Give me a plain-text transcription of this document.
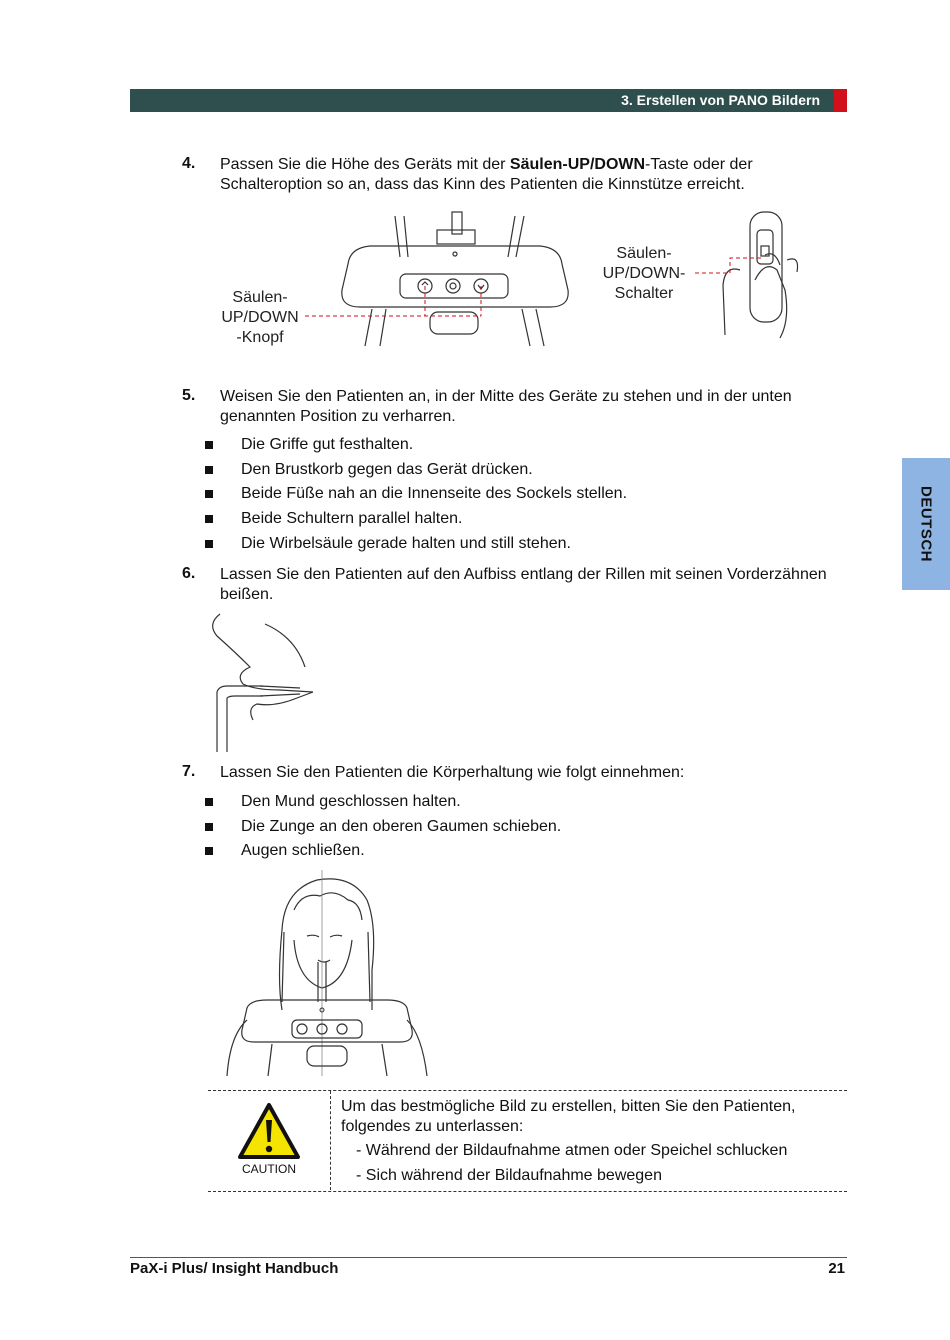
3. Erstellen von PANO Bildern
DEUTSCH
4. Passen Sie die Höhe des Geräts mit der Säulen-UP/DOWN-Taste oder der Schalteroption so an, dass das Kinn des Patienten die Kinnstütze erreicht.
Säulen-
UP/DOWN
-Knopf
Säulen-
UP/DOWN-
Schalter
5. Weisen Sie den Patienten an, in der Mitte des Geräte zu stehen und in der unten genannten Position zu verharren.
Die Griffe gut festhalten.
Den Brustkorb gegen das Gerät drücken.
Beide Füße nah an die Innenseite des Sockels stellen.
Beide Schultern parallel halten.
Die Wirbelsäule gerade halten und still stehen.
6. Lassen Sie den Patienten auf den Aufbiss entlang der Rillen mit seinen Vorderzähnen beißen.
7. Lassen Sie den Patienten die Körperhaltung wie folgt einnehmen:
Den Mund geschlossen halten.
Die Zunge an den oberen Gaumen schieben.
Augen schließen.
CAUTION
Um das bestmögliche Bild zu erstellen, bitten Sie den Patienten,
folgendes zu unterlassen:
- Während der Bildaufnahme atmen oder Speichel schlucken
- Sich während der Bildaufnahme bewegen
PaX-i Plus/ Insight Handbuch	21
